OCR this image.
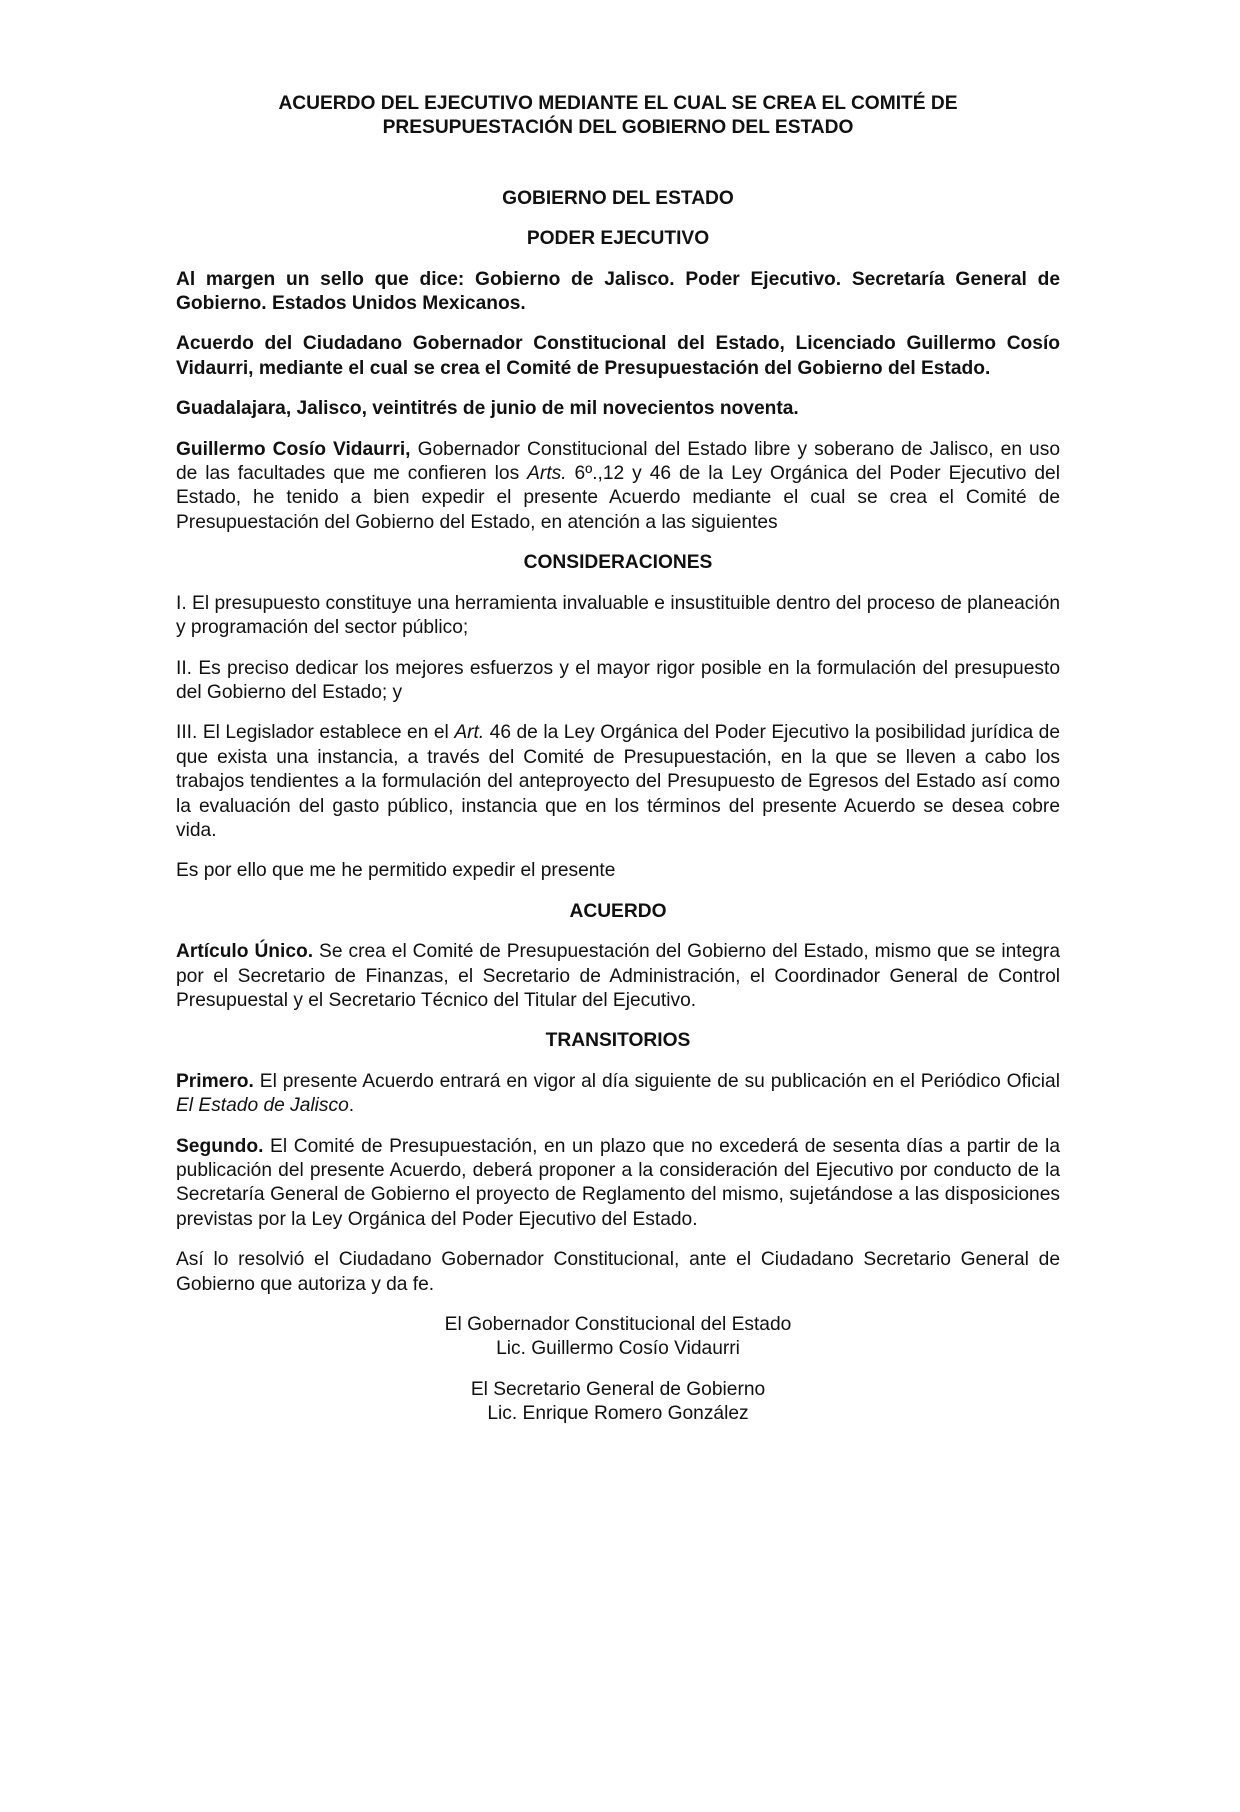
ACUERDO DEL EJECUTIVO MEDIANTE EL CUAL SE CREA EL COMITÉ DE
PRESUPUESTACIÓN DEL GOBIERNO DEL ESTADO
GOBIERNO DEL ESTADO
PODER EJECUTIVO

Al margen un sello que dice: Gobierno de Jalisco. Poder Ejecutivo. Secretaría General de Gobierno. Estados Unidos Mexicanos.

Acuerdo del Ciudadano Gobernador Constitucional del Estado, Licenciado Guillermo Cosío Vidaurri, mediante el cual se crea el Comité de Presupuestación del Gobierno del Estado.

Guadalajara, Jalisco, veintitrés de junio de mil novecientos noventa.

Guillermo Cosío Vidaurri, Gobernador Constitucional del Estado libre y soberano de Jalisco, en uso de las facultades que me confieren los Arts. 6º.,12 y 46 de la Ley Orgánica del Poder Ejecutivo del Estado, he tenido a bien expedir el presente Acuerdo mediante el cual se crea el Comité de Presupuestación del Gobierno del Estado, en atención a las siguientes

CONSIDERACIONES

I. El presupuesto constituye una herramienta invaluable e insustituible dentro del proceso de planeación y programación del sector público;

II. Es preciso dedicar los mejores esfuerzos y el mayor rigor posible en la formulación del presupuesto del Gobierno del Estado; y

III. El Legislador establece en el Art. 46 de la Ley Orgánica del Poder Ejecutivo la posibilidad jurídica de que exista una instancia, a través del Comité de Presupuestación, en la que se lleven a cabo los trabajos tendientes a la formulación del anteproyecto del Presupuesto de Egresos del Estado así como la evaluación del gasto público, instancia que en los términos del presente Acuerdo se desea cobre vida.

Es por ello que me he permitido expedir el presente

ACUERDO

Artículo Único. Se crea el Comité de Presupuestación del Gobierno del Estado, mismo que se integra por el Secretario de Finanzas, el Secretario de Administración, el Coordinador General de Control Presupuestal y el Secretario Técnico del Titular del Ejecutivo.

TRANSITORIOS

Primero. El presente Acuerdo entrará en vigor al día siguiente de su publicación en el Periódico Oficial El Estado de Jalisco.

Segundo. El Comité de Presupuestación, en un plazo que no excederá de sesenta días a partir de la publicación del presente Acuerdo, deberá proponer a la consideración del Ejecutivo por conducto de la Secretaría General de Gobierno el proyecto de Reglamento del mismo, sujetándose a las disposiciones previstas por la Ley Orgánica del Poder Ejecutivo del Estado.

Así lo resolvió el Ciudadano Gobernador Constitucional, ante el Ciudadano Secretario General de Gobierno que autoriza y da fe.

El Gobernador Constitucional del Estado
Lic. Guillermo Cosío Vidaurri
El Secretario General de Gobierno
Lic. Enrique Romero González
